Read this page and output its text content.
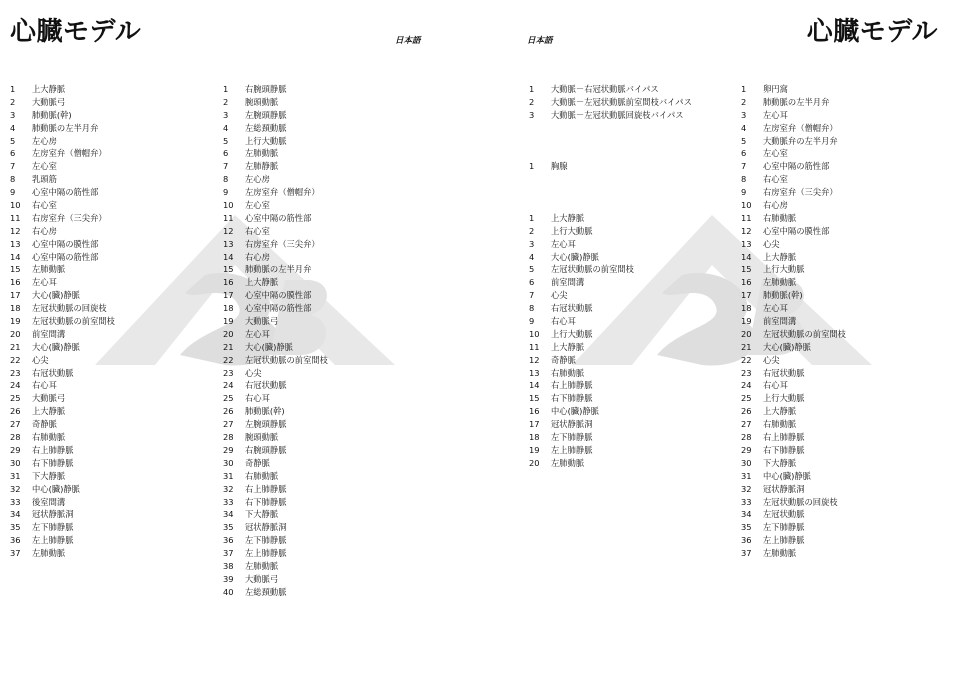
心臓モデル	日本語
1 上大静脈
2 大動脈弓
3 肺動脈(幹)
4 肺動脈の左半月弁
5 左心房
6 左房室弁（僧帽弁）
7 左心室
8 乳頭筋
9 心室中隔の筋性部
10 右心室
11 右房室弁（三尖弁）
12 右心房
13 心室中隔の膜性部
14 心室中隔の筋性部
15 左肺動脈
16 左心耳
17 大心(臓)静脈
18 左冠状動脈の回旋枝
19 左冠状動脈の前室間枝
20 前室間溝
21 大心(臓)静脈
22 心尖
23 右冠状動脈
24 右心耳
25 大動脈弓
26 上大静脈
27 奇静脈
28 右肺動脈
29 右上肺静脈
30 右下肺静脈
31 下大静脈
32 中心(臓)静脈
33 後室間溝
34 冠状静脈洞
35 左下肺静脈
36 左上肺静脈
37 左肺動脈
1 右腕頭静脈
2 腕頭動脈
3 左腕頭静脈
4 左総頚動脈
5 上行大動脈
6 左肺動脈
7 左肺静脈
8 左心房
9 左房室弁（僧帽弁）
10 左心室
11 心室中隔の筋性部
12 右心室
13 右房室弁（三尖弁）
14 右心房
15 肺動脈の左半月弁
16 上大静脈
17 心室中隔の膜性部
18 心室中隔の筋性部
19 大動脈弓
20 左心耳
21 大心(臓)静脈
22 左冠状動脈の前室間枝
23 心尖
24 右冠状動脈
25 右心耳
26 肺動脈(幹)
27 左腕頭静脈
28 腕頭動脈
29 右腕頭静脈
30 奇静脈
31 右肺動脈
32 右上肺静脈
33 右下肺静脈
34 下大静脈
35 冠状静脈洞
36 左下肺静脈
37 左上肺静脈
38 左肺動脈
39 大動脈弓
40 左総頚動脈
心臓モデル
日本語
1 大動脈－右冠状動脈バイパス
2 大動脈－左冠状動脈前室間枝バイパス
3 大動脈－左冠状動脈回旋枝バイパス
1 胸腺
1 上大静脈
2 上行大動脈
3 左心耳
4 大心(臓)静脈
5 左冠状動脈の前室間枝
6 前室間溝
7 心尖
8 右冠状動脈
9 右心耳
10 上行大動脈
11 上大静脈
12 奇静脈
13 右肺動脈
14 右上肺静脈
15 右下肺静脈
16 中心(臓)静脈
17 冠状静脈洞
18 左下肺静脈
19 左上肺静脈
20 左肺動脈
1 卵円窩
2 肺動脈の左半月弁
3 左心耳
4 左房室弁（僧帽弁）
5 大動脈弁の左半月弁
6 左心室
7 心室中隔の筋性部
8 右心室
9 右房室弁（三尖弁）
10 右心房
11 右肺動脈
12 心室中隔の膜性部
13 心尖
14 上大静脈
15 上行大動脈
16 左肺動脈
17 肺動脈(幹)
18 左心耳
19 前室間溝
20 左冠状動脈の前室間枝
21 大心(臓)静脈
22 心尖
23 右冠状動脈
24 右心耳
25 上行大動脈
26 上大静脈
27 右肺動脈
28 右上肺静脈
29 右下肺静脈
30 下大静脈
31 中心(臓)静脈
32 冠状静脈洞
33 左冠状動脈の回旋枝
34 左冠状動脈
35 左下肺静脈
36 左上肺静脈
37 左肺動脈
